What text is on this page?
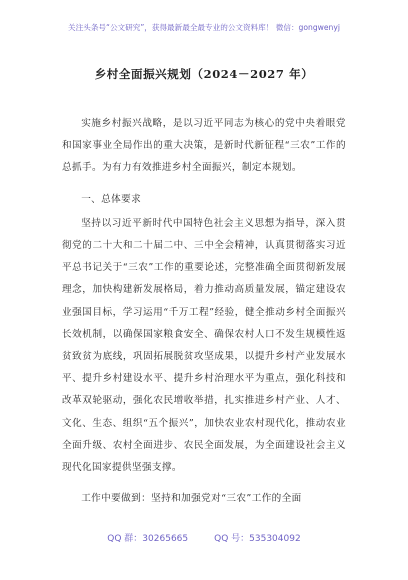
关注头条号“公文研究”，获得最新最全最专业的公文资料库！ 微信：gongwenyj
乡村全面振兴规划（2024－2027 年）

实施乡村振兴战略，是以习近平同志为核心的党中央着眼党和国家事业全局作出的重大决策，是新时代新征程“三农”工作的总抓手。为有力有效推进乡村全面振兴，制定本规划。

一、总体要求

坚持以习近平新时代中国特色社会主义思想为指导，深入贯彻党的二十大和二十届二中、三中全会精神，认真贯彻落实习近平总书记关于“三农”工作的重要论述，完整准确全面贯彻新发展理念，加快构建新发展格局，着力推动高质量发展，锚定建设农业强国目标，学习运用“千万工程”经验，健全推动乡村全面振兴长效机制，以确保国家粮食安全、确保农村人口不发生规模性返贫致贫为底线，巩固拓展脱贫攻坚成果，以提升乡村产业发展水平、提升乡村建设水平、提升乡村治理水平为重点，强化科技和改革双轮驱动，强化农民增收举措，扎实推进乡村产业、人才、文化、生态、组织“五个振兴”，加快农业农村现代化，推动农业全面升级、农村全面进步、农民全面发展，为全面建设社会主义现代化国家提供坚强支撑。

工作中要做到：坚持和加强党对“三农”工作的全面

QQ 群：30265665	QQ 号：535304092
